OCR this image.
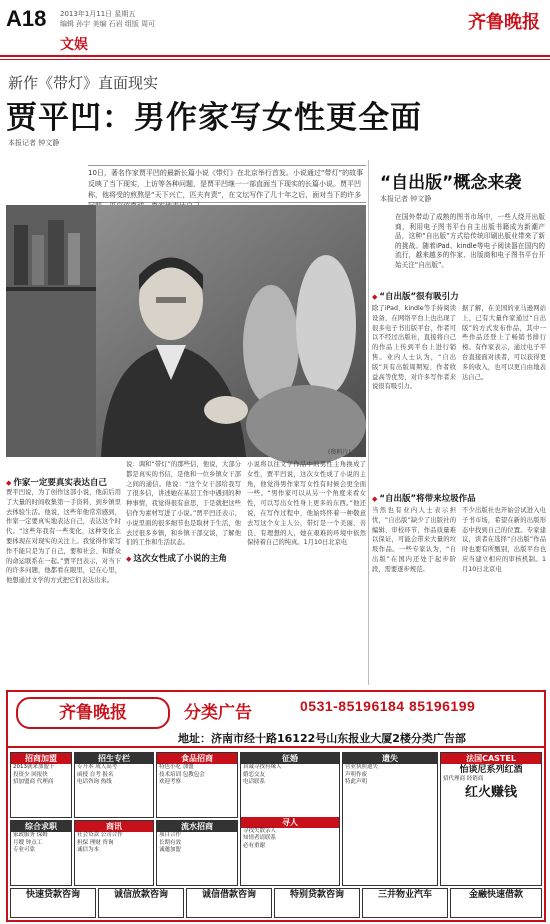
A18 2013年1月11日 星期五
编辑 孙宇 美编 石岩 组版 周可
文娱
齐鲁晚报
新作《带灯》直面现实
贾平凹：男作家写女性更全面
本报记者 钟文静
10日，著名作家贾平凹的最新长篇小说《带灯》在北京举行首发。小说通过“带灯”的故事反映了当下现实，上访等各种问题，是贾平凹继一一部直面当下现实的长篇小说。贾平凹称，他将受的煎熬是“天下兴亡，匹夫有责”，在文坛写作了几十年之后，面对当下的许多
(资料片)
◆ 作家一定要真实表达自己
贾平凹说，为了创作这部小说，他前后用了大量的时间收集第一手资料，到乡镇里去体验生活。他说，这些年他常常感到，作家一定要真实地表达自己，表达这个时代。“这些年我有一些变化，这种变化主要体现在对现实的关注上。我觉得作家写作不能只是为了自己，要和社会、和群众的命运联系在一起。”贾平凹表示，对当下的许多问题，他都看在眼里，记在心里，他想通过文学的方式把它们表达出来。
说：调和“带灯”的那些信，他说，大部分都是真实的书信，是他和一位乡镇女干部之间的通信。他说：“这个女干部给我写了很多信，讲述她在基层工作中遇到的种种事情，我觉得很有意思，于是就把这些信作为素材写进了小说。”贾平凹还表示，小说里面的很多细节也是取材于生活，他去过很多乡镇，和乡镇干部交谈，了解他们的工作和生活状态。
◆ 这次女性成了小说的主角
小说将以往文学作品中的男性主角换成了女性，贾平凹说，这次女性成了小说的主角，他觉得男作家写女性有时候会更全面一些。“男作家可以从另一个角度来看女性，可以写出女性身上更多的东西。”他还说，在写作过程中，他始终怀着一种敬意去写这个女主人公，带灯是一个美丽、善良、有理想的人，她在艰难的环境中依然保持着自己的纯真。1月10日北京电
“自出版”概念来袭
本报记者 钟文静
在国外带动了成熟的图书市场中，一些人绕开出版商，利用电子图书平台自主出版书籍成为新潮产品，这种“自出版”方式给传统印刷出版业带来了新的挑战。随着iPad、kindle等电子阅读器在国内的流行，越来越多的作家、出版商和电子图书平台开始关注“自出版”。
◆ “自出版”很有吸引力
除了iPad、kindle等手持阅读设备，在网络平台上也出现了很多电子书出版平台，作者可以不经过出版社，直接将自己的作品上传到平台上进行销售。业内人士认为，“自出版”具有出版周期短、作者收益高等优势，对许多写作者来说很有吸引力。
据了解，在美国的亚马逊网站上，已有大量作家通过“自出版”的方式发布作品，其中一些作品还登上了畅销书排行榜。有作家表示，通过电子平台直接面对读者，可以获得更多的收入，也可以更自由地表达自己。
◆ “自出版”将带来垃圾作品
当然也有业内人士表示担忧，“自出版”缺少了出版社的编辑、审校环节，作品质量难以保证，可能会带来大量的垃圾作品。一些专家认为，“自出版”在国内还处于起步阶段，需要逐步规范。
不少出版社也开始尝试进入电子书市场，希望在新的出版形态中找到自己的位置。专家建议，读者在选择“自出版”作品时也要有所甄别，出版平台也应当建立相应的审核机制。1月10日北京电
齐鲁晚报	分类广告	0531-85196184 85196199
地址：济南市经十路16122号山东报业大厦2楼分类广告部
招商加盟
2013就来加盟干
投资少 回报快
招加盟商 代理商
综合求职
家政服务 保姆
月嫂 钟点工
专业可靠
招生专栏
专升本 成人高考
函授 自考 报名
电话咨询 热线
商讯
社会贷款 公司合作
担保 理财 咨询
诚信为本
食品招商
特色小吃 加盟
技术培训 包教包会
欢迎考察
流水招商
项目合作
长期有效
诚邀加盟
征婚
真诚寻找有缘人
婚恋交友
电话联系
寻人
寻找失散亲人
知情者请联系
必有重谢
遗失
营业执照遗失
声明作废
特此声明
法国CASTEL
怡谈尼系列红酒
招代理商 经销商
红火赚钱
快速贷款咨询	诚信放款咨询	诚信借款咨询	特别贷款咨询	三井物业汽车	金融快速借款
